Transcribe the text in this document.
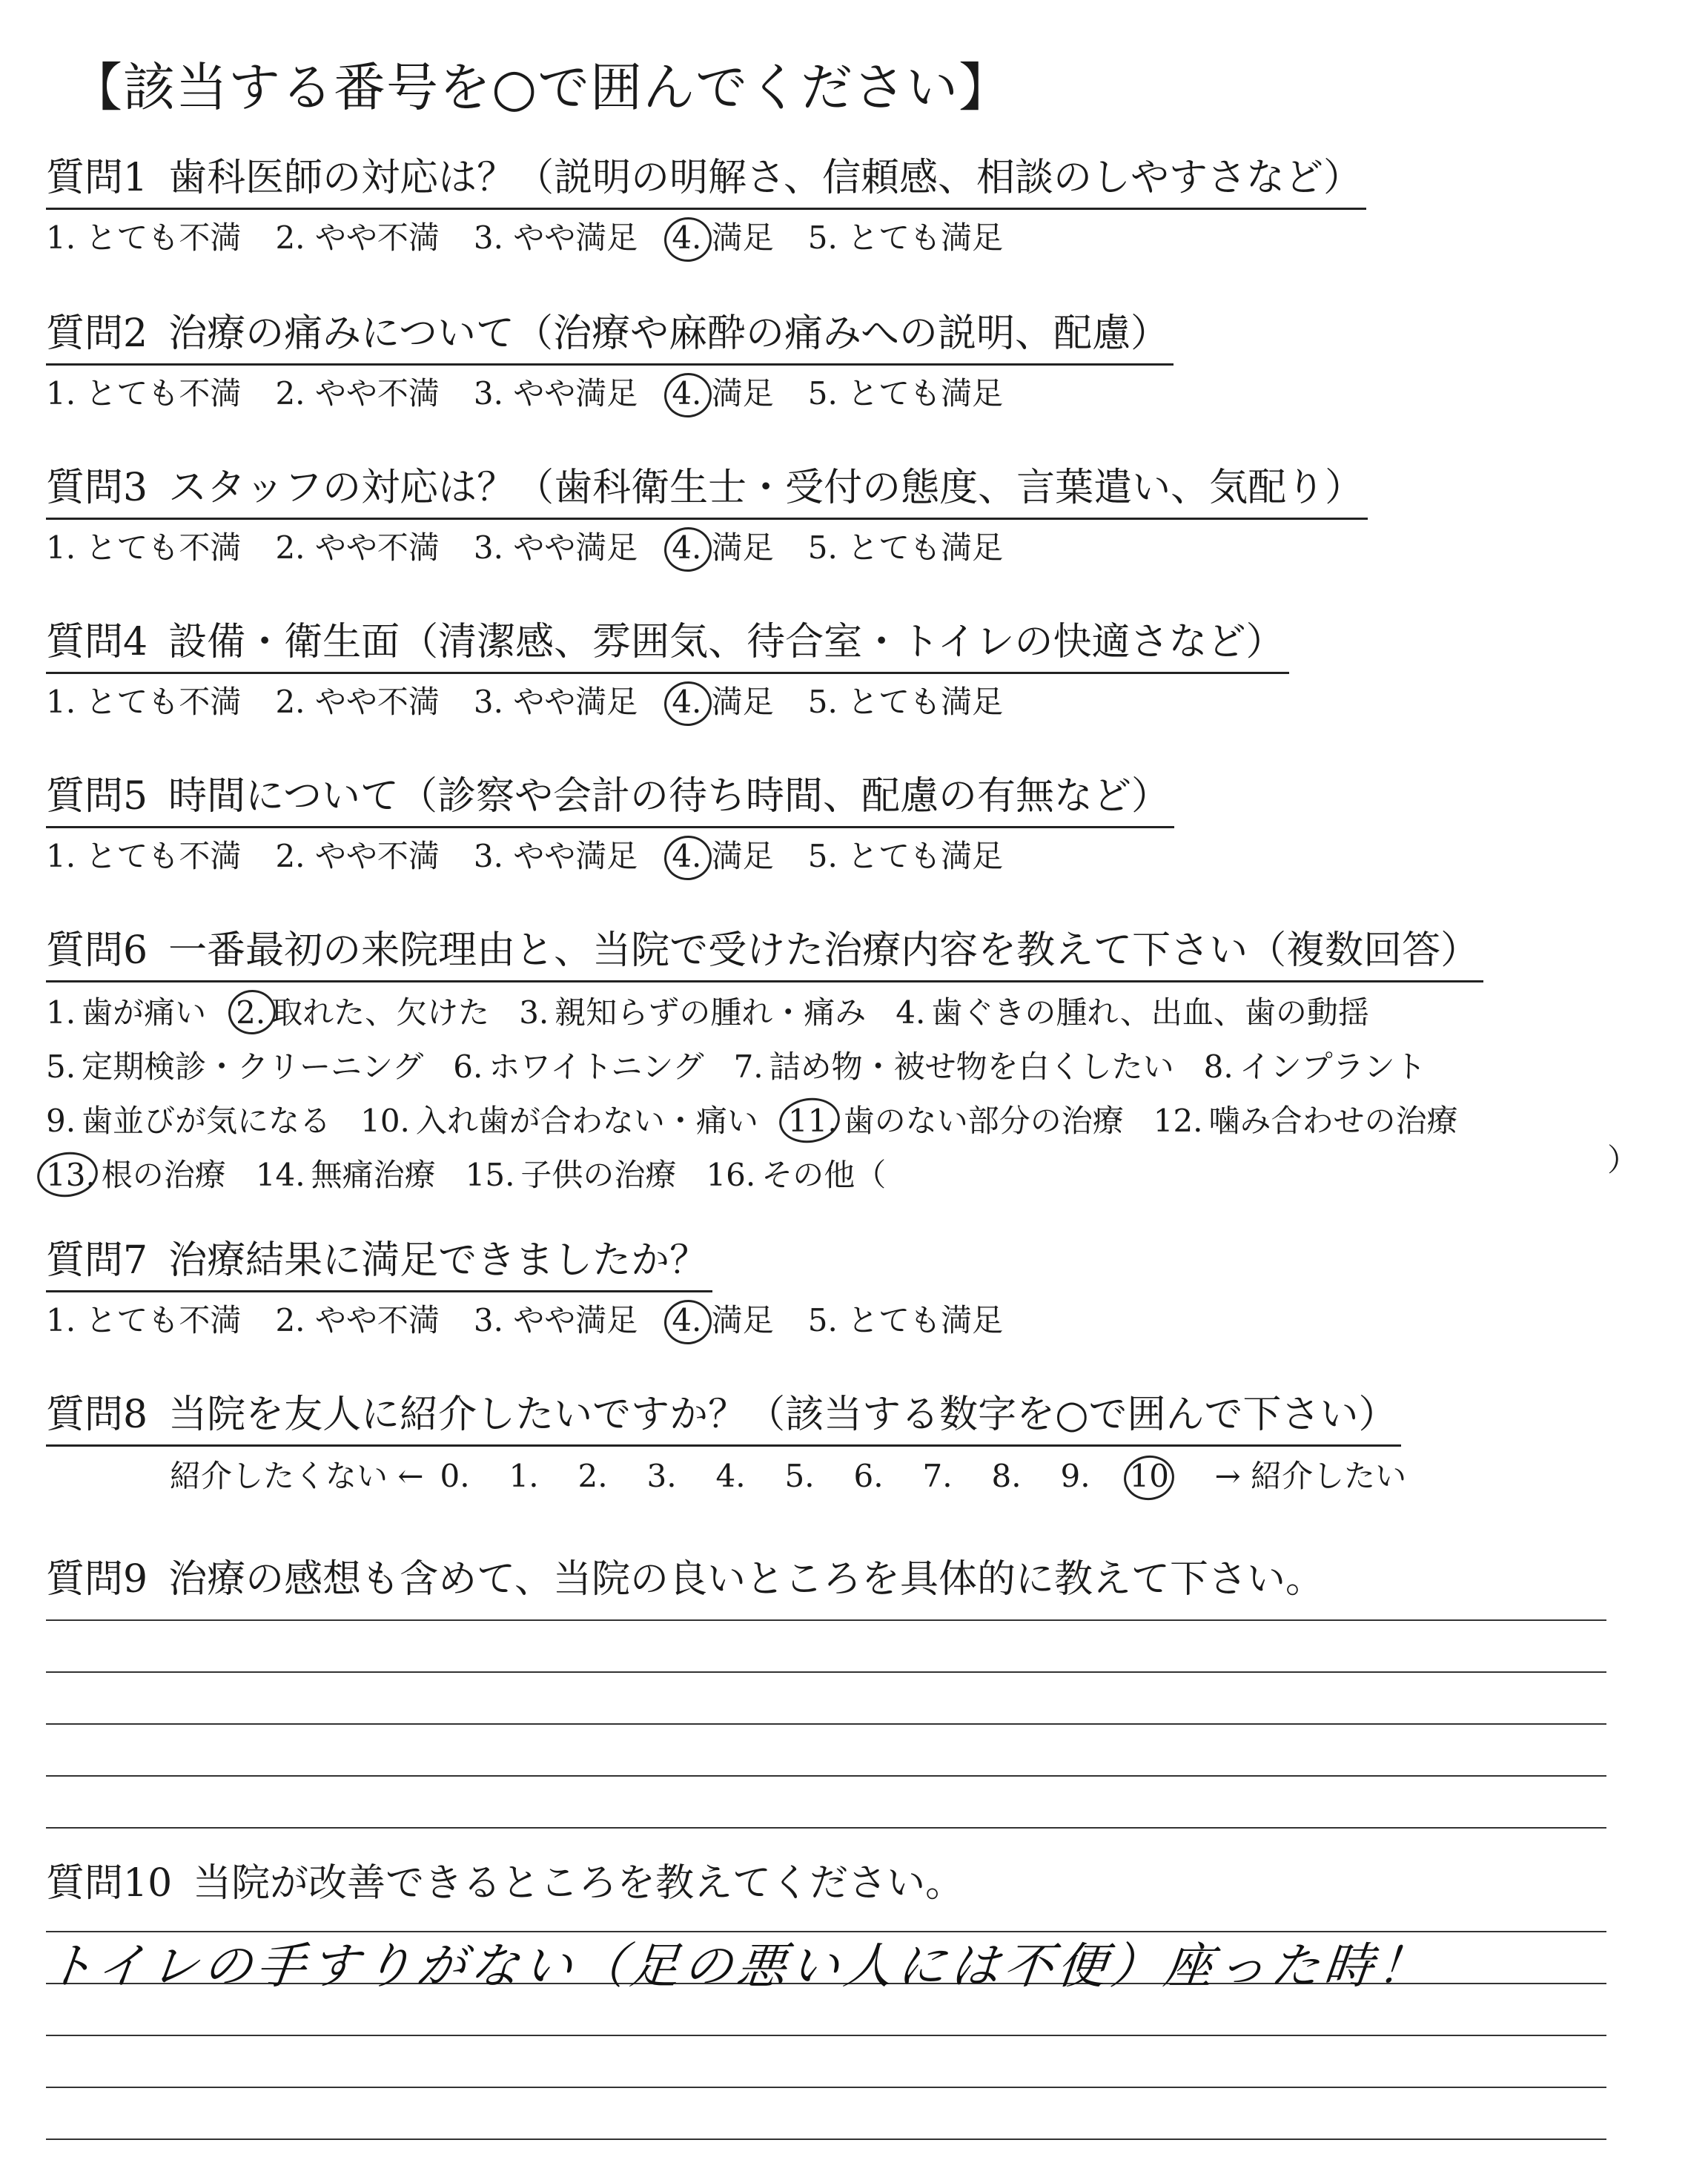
【該当する番号を○で囲んでください】
質問1 歯科医師の対応は？（説明の明解さ、信頼感、相談のしやすさなど）
1. とても不満 2. やや不満 3. やや満足 4. 満足 5. とても満足
質問2 治療の痛みについて（治療や麻酔の痛みへの説明、配慮）
1. とても不満 2. やや不満 3. やや満足 4. 満足 5. とても満足
質問3 スタッフの対応は？（歯科衛生士・受付の態度、言葉遣い、気配り）
1. とても不満 2. やや不満 3. やや満足 4. 満足 5. とても満足
質問4 設備・衛生面（清潔感、雰囲気、待合室・トイレの快適さなど）
1. とても不満 2. やや不満 3. やや満足 4. 満足 5. とても満足
質問5 時間について（診察や会計の待ち時間、配慮の有無など）
1. とても不満 2. やや不満 3. やや満足 4. 満足 5. とても満足
質問6 一番最初の来院理由と、当院で受けた治療内容を教えて下さい（複数回答）
1. 歯が痛い 2. 取れた、欠けた 3. 親知らずの腫れ・痛み 4. 歯ぐきの腫れ、出血、歯の動揺
5. 定期検診・クリーニング 6. ホワイトニング 7. 詰め物・被せ物を白くしたい 8. インプラント
9. 歯並びが気になる 10. 入れ歯が合わない・痛い 11. 歯のない部分の治療 12. 噛み合わせの治療
13. 根の治療 14. 無痛治療 15. 子供の治療 16. その他（	）
質問7 治療結果に満足できましたか？
1. とても不満 2. やや不満 3. やや満足 4. 満足 5. とても満足
質問8 当院を友人に紹介したいですか？（該当する数字を○で囲んで下さい）
紹介したくない ← 0. 1. 2. 3. 4. 5. 6. 7. 8. 9. 10 → 紹介したい
質問9 治療の感想も含めて、当院の良いところを具体的に教えて下さい。
質問10 当院が改善できるところを教えてください。
トイレの手すりがない（足の悪い人には不便）座った時！
